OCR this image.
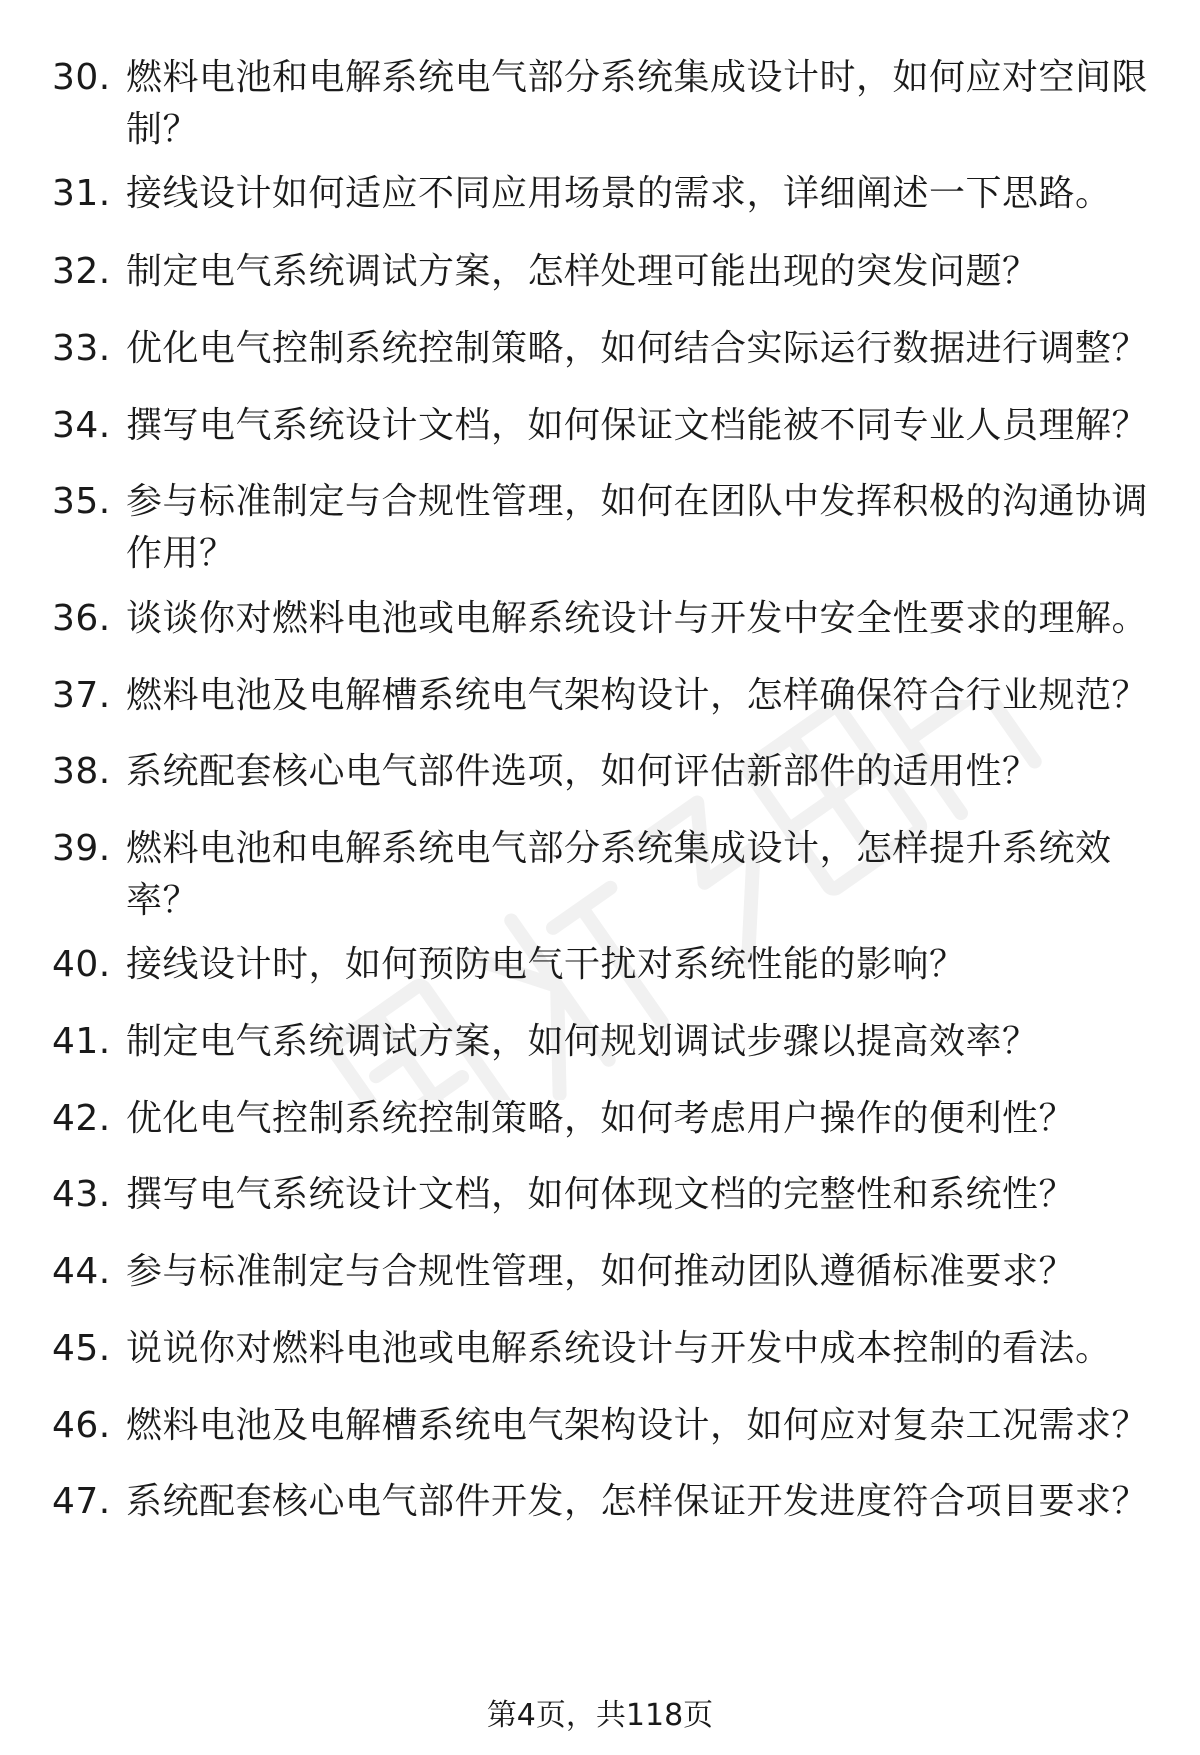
30. 燃料电池和电解系统电气部分系统集成设计时，如何应对空间限制？
31. 接线设计如何适应不同应用场景的需求，详细阐述一下思路。
32. 制定电气系统调试方案，怎样处理可能出现的突发问题？
33. 优化电气控制系统控制策略，如何结合实际运行数据进行调整？
34. 撰写电气系统设计文档，如何保证文档能被不同专业人员理解？
35. 参与标准制定与合规性管理，如何在团队中发挥积极的沟通协调作用？
36. 谈谈你对燃料电池或电解系统设计与开发中安全性要求的理解。
37. 燃料电池及电解槽系统电气架构设计，怎样确保符合行业规范？
38. 系统配套核心电气部件选项，如何评估新部件的适用性？
39. 燃料电池和电解系统电气部分系统集成设计，怎样提升系统效率？
40. 接线设计时，如何预防电气干扰对系统性能的影响？
41. 制定电气系统调试方案，如何规划调试步骤以提高效率？
42. 优化电气控制系统控制策略，如何考虑用户操作的便利性？
43. 撰写电气系统设计文档，如何体现文档的完整性和系统性？
44. 参与标准制定与合规性管理，如何推动团队遵循标准要求？
45. 说说你对燃料电池或电解系统设计与开发中成本控制的看法。
46. 燃料电池及电解槽系统电气架构设计，如何应对复杂工况需求？
47. 系统配套核心电气部件开发，怎样保证开发进度符合项目要求？
第4页，共118页
